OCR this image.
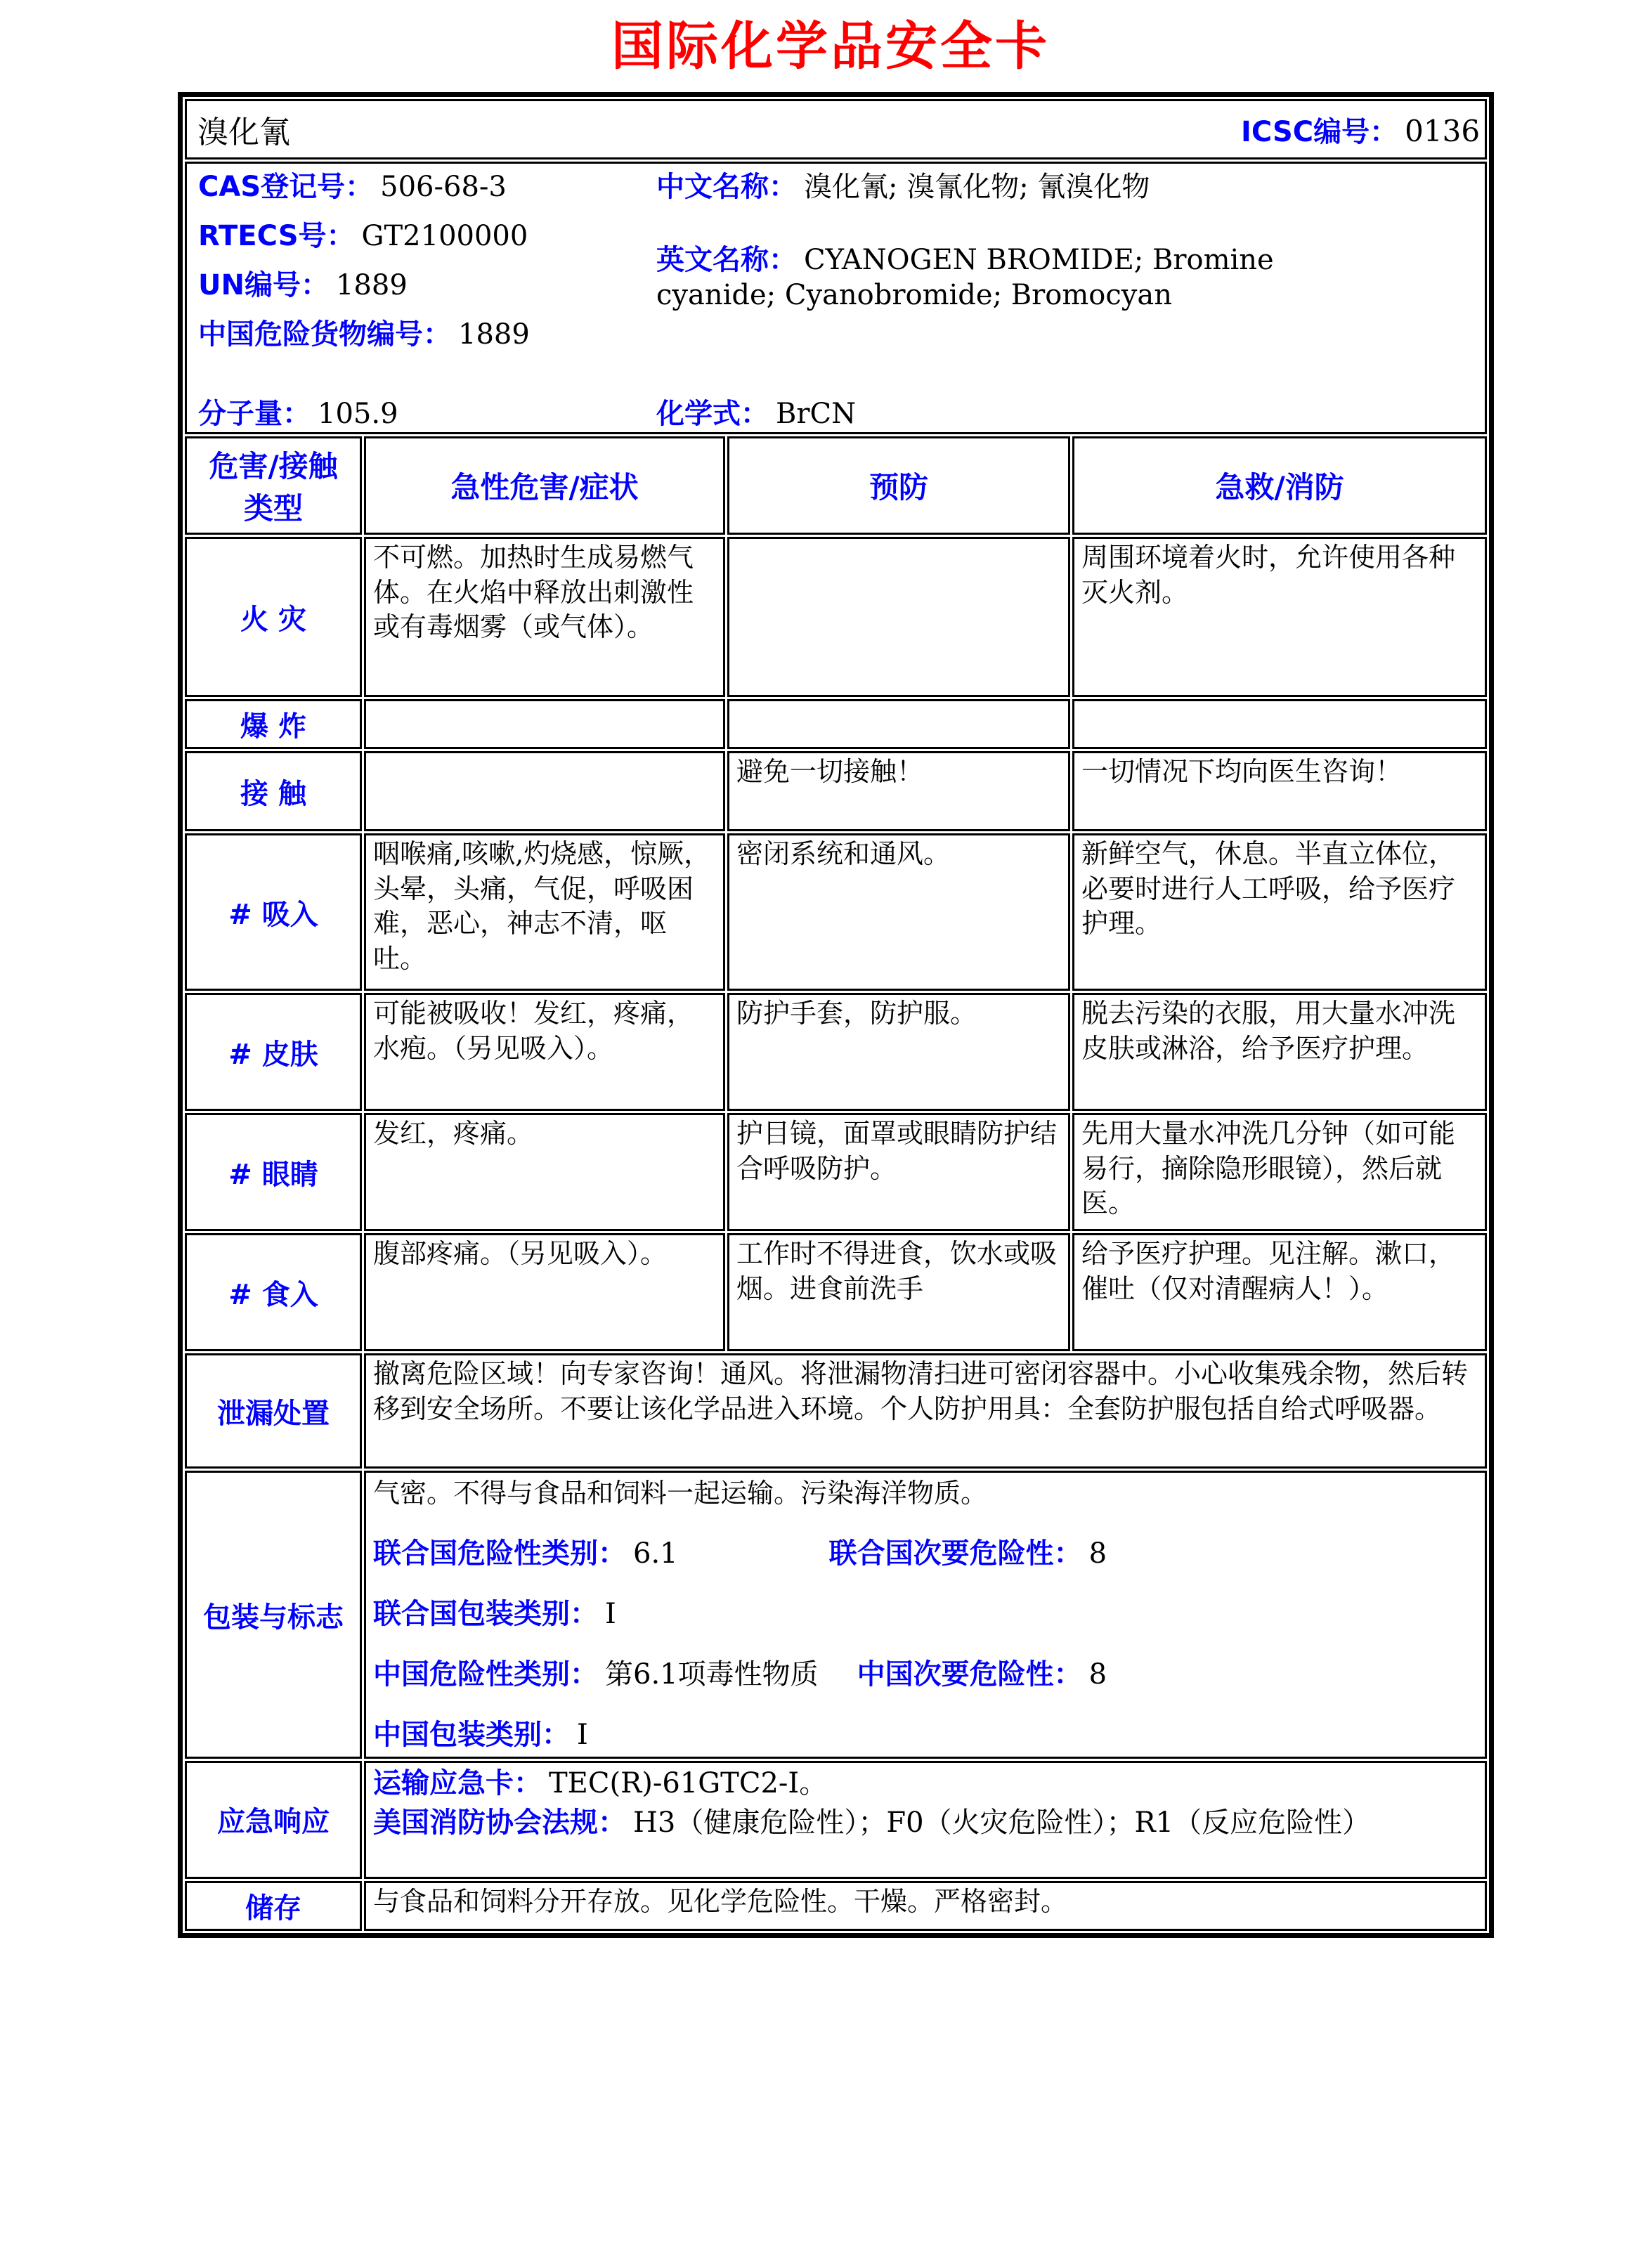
国际化学品安全卡
溴化氰 ICSC编号： 0136			

CAS登记号： 506-68-3
RTECS号： GT2100000
UN编号： 1889
中国危险货物编号： 1889
中文名称： 溴化氰; 溴氰化物; 氰溴化物
英文名称： CYANOGEN BROMIDE; Bromine cyanide; Cyanobromide; Bromocyan
分子量： 105.9	化学式： BrCN

危害/接触类型	急性危害/症状	预防	急救/消防
火 灾	不可燃。加热时生成易燃气体。在火焰中释放出刺激性或有毒烟雾（或气体）。		周围环境着火时，允许使用各种灭火剂。
爆 炸			
接 触		避免一切接触！	一切情况下均向医生咨询！
# 吸入	咽喉痛,咳嗽,灼烧感，惊厥，头晕，头痛，气促，呼吸困难，恶心，神志不清，呕吐。	密闭系统和通风。	新鲜空气，休息。半直立体位，必要时进行人工呼吸，给予医疗护理。
# 皮肤	可能被吸收！发红，疼痛，水疱。（另见吸入）。	防护手套，防护服。	脱去污染的衣服，用大量水冲洗皮肤或淋浴，给予医疗护理。
# 眼睛	发红，疼痛。	护目镜，面罩或眼睛防护结合呼吸防护。	先用大量水冲洗几分钟（如可能易行，摘除隐形眼镜），然后就医。
# 食入	腹部疼痛。（另见吸入）。	工作时不得进食，饮水或吸烟。进食前洗手	给予医疗护理。见注解。漱口，催吐（仅对清醒病人！）。
泄漏处置	撤离危险区域！向专家咨询！通风。将泄漏物清扫进可密闭容器中。小心收集残余物，然后转移到安全场所。不要让该化学品进入环境。个人防护用具：全套防护服包括自给式呼吸器。		
包装与标志	气密。不得与食品和饲料一起运输。污染海洋物质。
联合国危险性类别： 6.1 联合国次要危险性： 8
联合国包装类别： I
中国危险性类别： 第6.1项毒性物质 中国次要危险性： 8
中国包装类别： I		

应急响应	运输应急卡： TEC(R)-61GTC2-I。
美国消防协会法规： H3（健康危险性）；F0（火灾危险性）；R1（反应危险性）		

储存	与食品和饲料分开存放。见化学危险性。干燥。严格密封。		
